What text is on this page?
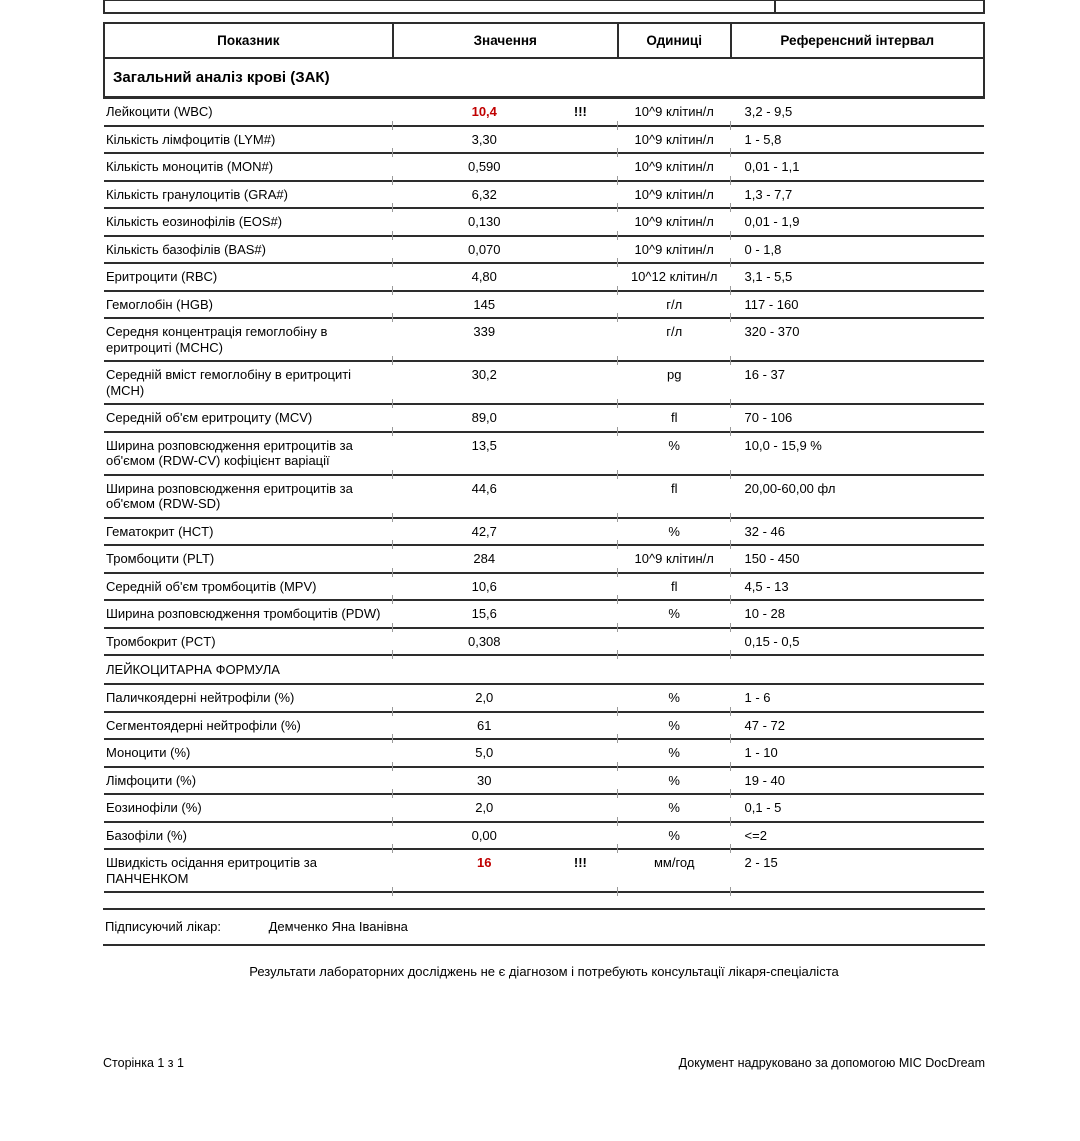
Показник	Значення	Одиниці	Референсний інтервал
Загальний аналіз крові (ЗАК)			
Лейкоцити (WBC)	10,4 !!!	10^9 клітин/л	3,2 - 9,5
Кількість лімфоцитів (LYM#)	3,30	10^9 клітин/л	1 - 5,8
Кількість моноцитів (MON#)	0,590	10^9 клітин/л	0,01 - 1,1
Кількість гранулоцитів (GRA#)	6,32	10^9 клітин/л	1,3 - 7,7
Кількість еозинофілів (EOS#)	0,130	10^9 клітин/л	0,01 - 1,9
Кількість базофілів (BAS#)	0,070	10^9 клітин/л	0 - 1,8
Еритроцити (RBC)	4,80	10^12 клітин/л	3,1 - 5,5
Гемоглобін (HGB)	145	г/л	117 - 160
Середня концентрація гемоглобіну в еритроциті (MCHC)	339	г/л	320 - 370
Середній вміст гемоглобіну в еритроциті (MCH)	30,2	pg	16 - 37
Середній об'єм еритроциту (MCV)	89,0	fl	70 - 106
Ширина розповсюдження еритроцитів за об'ємом (RDW-CV) кофіцієнт варіації	13,5	%	10,0 - 15,9 %
Ширина розповсюдження еритроцитів за об'ємом (RDW-SD)	44,6	fl	20,00-60,00 фл
Гематокрит (HCT)	42,7	%	32 - 46
Тромбоцити (PLT)	284	10^9 клітин/л	150 - 450
Середній об'єм тромбоцитів (MPV)	10,6	fl	4,5 - 13
Ширина розповсюдження тромбоцитів (PDW)	15,6	%	10 - 28
Тромбокрит (PCT)	0,308		0,15 - 0,5
ЛЕЙКОЦИТАРНА ФОРМУЛА			
Паличкоядерні нейтрофіли (%)	2,0	%	1 - 6
Сегментоядерні нейтрофіли (%)	61	%	47 - 72
Моноцити (%)	5,0	%	1 - 10
Лімфоцити (%)	30	%	19 - 40
Еозинофіли (%)	2,0	%	0,1 - 5
Базофіли (%)	0,00	%	<=2
Швидкість осідання еритроцитів за ПАНЧЕНКОМ	16 !!!	мм/год	2 - 15
Підписуючий лікар:	Демченко Яна Іванівна
Результати лабораторних досліджень не є діагнозом і потребують консультації лікаря-спеціаліста
Сторінка 1 з 1	Документ надруковано за допомогою МІС DocDream
